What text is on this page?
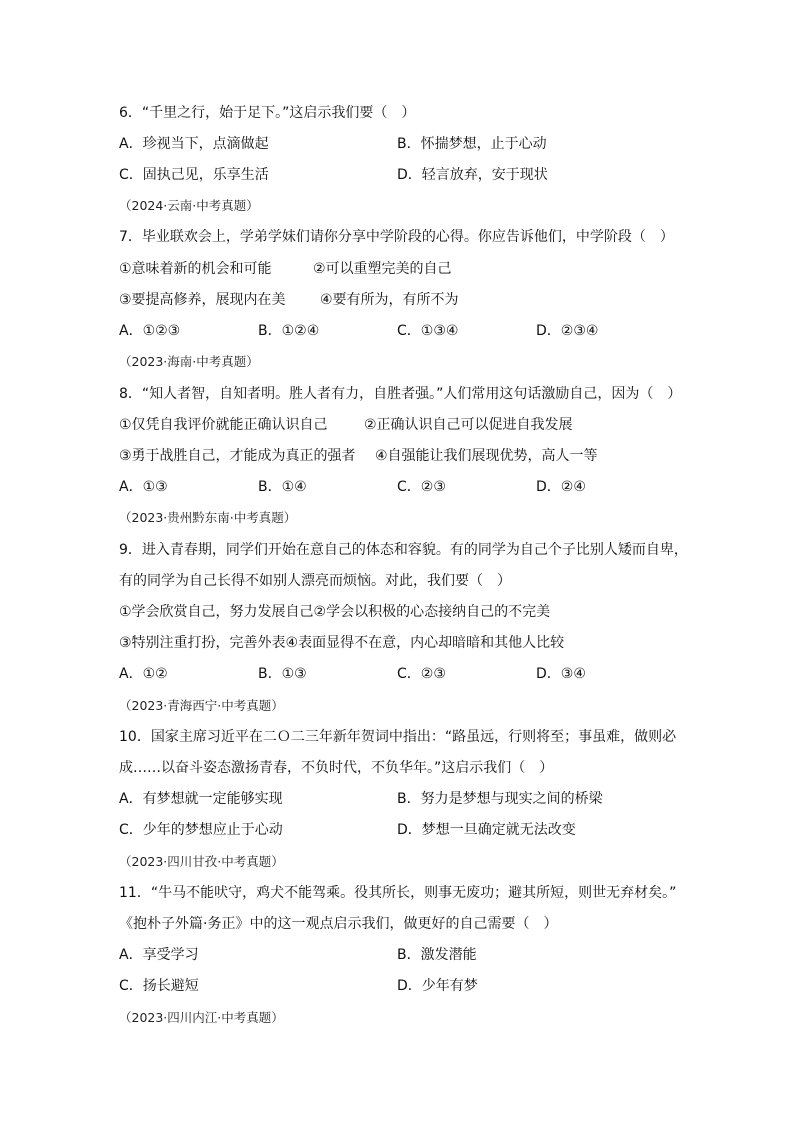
6．“千里之行，始于足下。”这启示我们要（　）
A．珍视当下，点滴做起	B．怀揣梦想，止于心动
C．固执己见，乐享生活	D．轻言放弃，安于现状
（2024·云南·中考真题）
7．毕业联欢会上，学弟学妹们请你分享中学阶段的心得。你应告诉他们，中学阶段（　）
①意味着新的机会和可能	②可以重塑完美的自己
③要提高修养，展现内在美 ④要有所为，有所不为
A．①②③	B．①②④	C．①③④	D．②③④
（2023·海南·中考真题）
8．“知人者智，自知者明。胜人者有力，自胜者强。”人们常用这句话激励自己，因为（　）
①仅凭自我评价就能正确认识自己	②正确认识自己可以促进自我发展
③勇于战胜自己，才能成为真正的强者 ④自强能让我们展现优势，高人一等
A．①③	B．①④	C．②③	D．②④
（2023·贵州黔东南·中考真题）
9．进入青春期，同学们开始在意自己的体态和容貌。有的同学为自己个子比别人矮而自卑，
有的同学为自己长得不如别人漂亮而烦恼。对此，我们要（　）
①学会欣赏自己，努力发展自己②学会以积极的心态接纳自己的不完美
③特别注重打扮，完善外表④表面显得不在意，内心却暗暗和其他人比较
A．①②	B．①③	C．②③	D．③④
（2023·青海西宁·中考真题）
10．国家主席习近平在二Ｏ二三年新年贺词中指出：“路虽远，行则将至；事虽难，做则必
成……以奋斗姿态激扬青春，不负时代，不负华年。”这启示我们（　）
A．有梦想就一定能够实现	B．努力是梦想与现实之间的桥梁
C．少年的梦想应止于心动	D．梦想一旦确定就无法改变
（2023·四川甘孜·中考真题）
11．“牛马不能吠守，鸡犬不能驾乘。役其所长，则事无废功；避其所短，则世无弃材矣。”
《抱朴子外篇·务正》中的这一观点启示我们，做更好的自己需要（　）
A．享受学习	B．激发潜能
C．扬长避短	D．少年有梦
（2023·四川内江·中考真题）
